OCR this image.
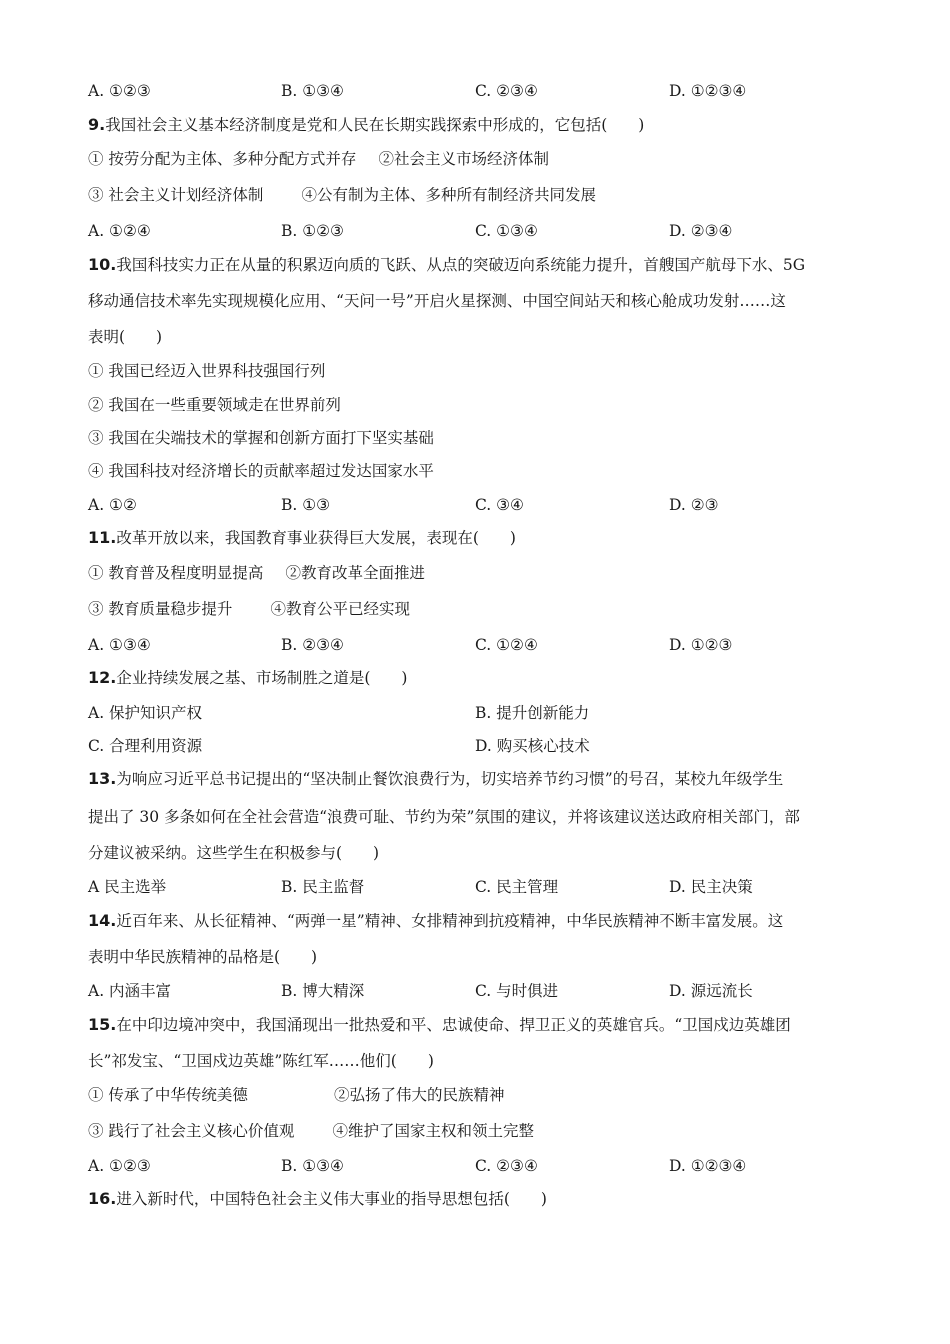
A. ①②③	B. ①③④	C. ②③④	D. ①②③④
9.我国社会主义基本经济制度是党和人民在长期实践探索中形成的，它包括(　　)
① 按劳分配为主体、多种分配方式并存 ②社会主义市场经济体制
③ 社会主义计划经济体制 ④公有制为主体、多种所有制经济共同发展
A. ①②④	B. ①②③	C. ①③④	D. ②③④
10.我国科技实力正在从量的积累迈向质的飞跃、从点的突破迈向系统能力提升，首艘国产航母下水、5G
移动通信技术率先实现规模化应用、“天问一号”开启火星探测、中国空间站天和核心舱成功发射……这
表明(　　)
① 我国已经迈入世界科技强国行列
② 我国在一些重要领域走在世界前列
③ 我国在尖端技术的掌握和创新方面打下坚实基础
④ 我国科技对经济增长的贡献率超过发达国家水平
A. ①②	B. ①③	C. ③④	D. ②③
11.改革开放以来，我国教育事业获得巨大发展，表现在(　　)
① 教育普及程度明显提高 ②教育改革全面推进
③ 教育质量稳步提升 ④教育公平已经实现
A. ①③④	B. ②③④	C. ①②④	D. ①②③
12.企业持续发展之基、市场制胜之道是(　　)
A. 保护知识产权	B. 提升创新能力
C. 合理利用资源	D. 购买核心技术
13.为响应习近平总书记提出的“坚决制止餐饮浪费行为，切实培养节约习惯”的号召，某校九年级学生
提出了 30 多条如何在全社会营造“浪费可耻、节约为荣”氛围的建议，并将该建议送达政府相关部门，部
分建议被采纳。这些学生在积极参与(　　)
A 民主选举	B. 民主监督	C. 民主管理	D. 民主决策
14.近百年来、从长征精神、“两弹一星”精神、女排精神到抗疫精神，中华民族精神不断丰富发展。这
表明中华民族精神的品格是(　　)
A. 内涵丰富	B. 博大精深	C. 与时俱进	D. 源远流长
15.在中印边境冲突中，我国涌现出一批热爱和平、忠诚使命、捍卫正义的英雄官兵。“卫国戍边英雄团
长”祁发宝、“卫国戍边英雄”陈红军……他们(　　)
① 传承了中华传统美德	②弘扬了伟大的民族精神
③ 践行了社会主义核心价值观 ④维护了国家主权和领土完整
A. ①②③	B. ①③④	C. ②③④	D. ①②③④
16.进入新时代，中国特色社会主义伟大事业的指导思想包括(　　)
